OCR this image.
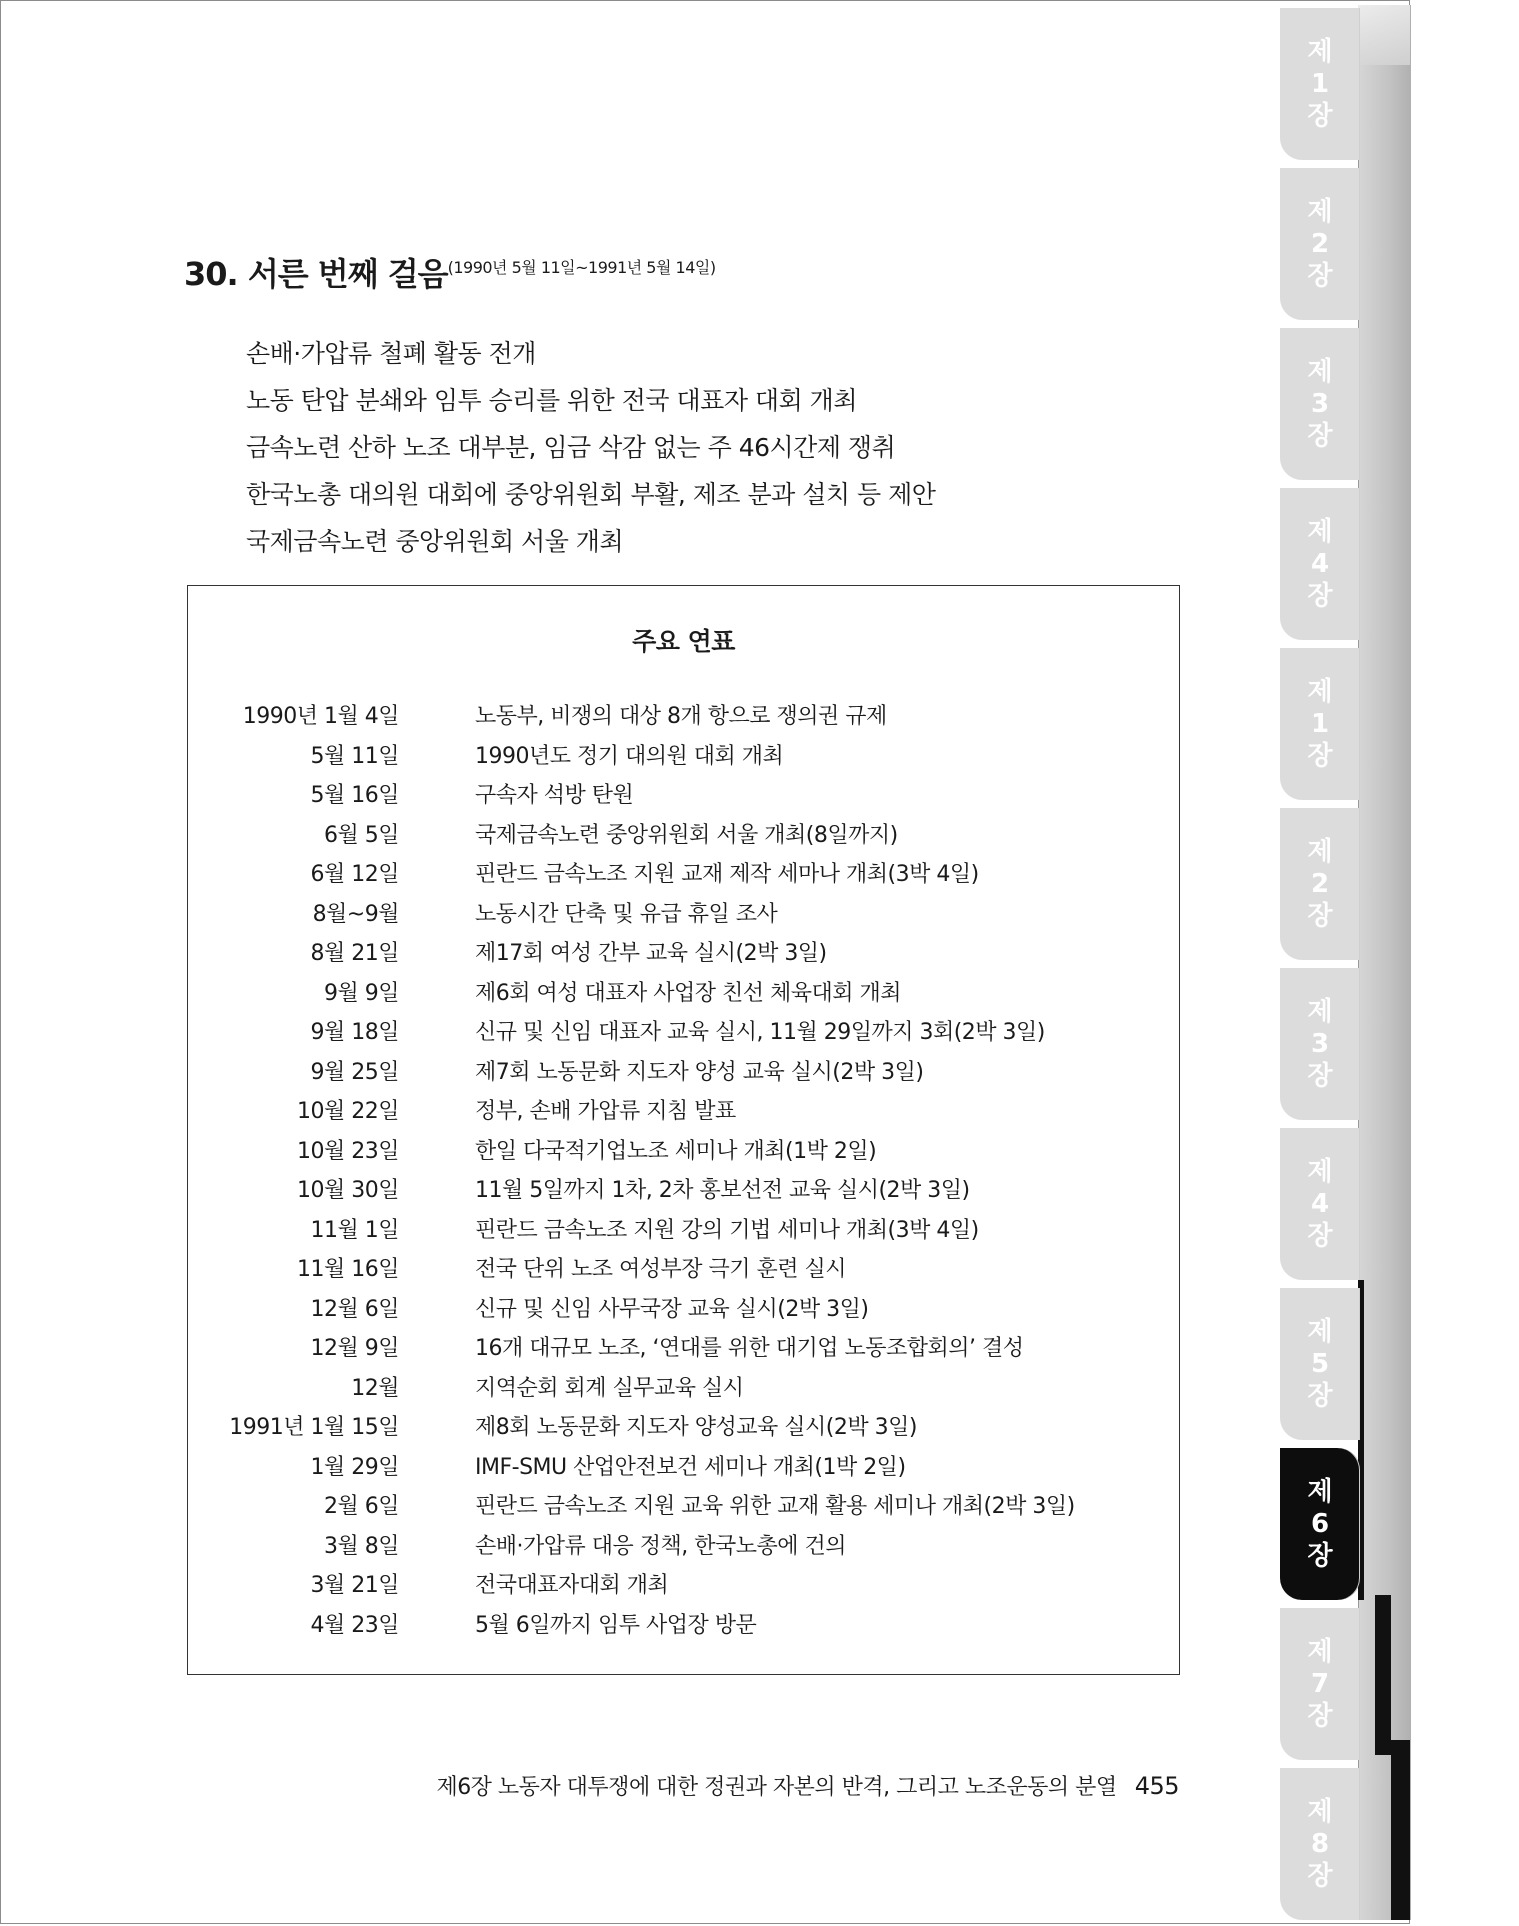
제
1
장
제
2
장
제
3
장
제
4
장
제
1
장
제
2
장
제
3
장
제
4
장
제
5
장
제
6
장
제
7
장
제
8
장
30. 서른 번째 걸음$^{(1990년 5월 11일\sim 1991년 5월 14일)}$
손배·가압류 철폐 활동 전개
노동 탄압 분쇄와 임투 승리를 위한 전국 대표자 대회 개최
금속노련 산하 노조 대부분, 임금 삭감 없는 주 46시간제 쟁취
한국노총 대의원 대회에 중앙위원회 부활, 제조 분과 설치 등 제안
국제금속노련 중앙위원회 서울 개최
주요 연표
1990년 1월 4일	노동부, 비쟁의 대상 8개 항으로 쟁의권 규제
5월 11일	1990년도 정기 대의원 대회 개최
5월 16일	구속자 석방 탄원
6월 5일	국제금속노련 중앙위원회 서울 개최(8일까지)
6월 12일	핀란드 금속노조 지원 교재 제작 세마나 개최(3박 4일)
8월~9월	노동시간 단축 및 유급 휴일 조사
8월 21일	제17회 여성 간부 교육 실시(2박 3일)
9월 9일	제6회 여성 대표자 사업장 친선 체육대회 개최
9월 18일	신규 및 신임 대표자 교육 실시, 11월 29일까지 3회(2박 3일)
9월 25일	제7회 노동문화 지도자 양성 교육 실시(2박 3일)
10월 22일	정부, 손배 가압류 지침 발표
10월 23일	한일 다국적기업노조 세미나 개최(1박 2일)
10월 30일	11월 5일까지 1차, 2차 홍보선전 교육 실시(2박 3일)
11월 1일	핀란드 금속노조 지원 강의 기법 세미나 개최(3박 4일)
11월 16일	전국 단위 노조 여성부장 극기 훈련 실시
12월 6일	신규 및 신임 사무국장 교육 실시(2박 3일)
12월 9일	16개 대규모 노조, ‘연대를 위한 대기업 노동조합회의’ 결성
12월	지역순회 회계 실무교육 실시
1991년 1월 15일	제8회 노동문화 지도자 양성교육 실시(2박 3일)
1월 29일	IMF-SMU 산업안전보건 세미나 개최(1박 2일)
2월 6일	핀란드 금속노조 지원 교육 위한 교재 활용 세미나 개최(2박 3일)
3월 8일	손배·가압류 대응 정책, 한국노총에 건의
3월 21일	전국대표자대회 개최
4월 23일	5월 6일까지 임투 사업장 방문
제6장 노동자 대투쟁에 대한 정권과 자본의 반격, 그리고 노조운동의 분열 455
